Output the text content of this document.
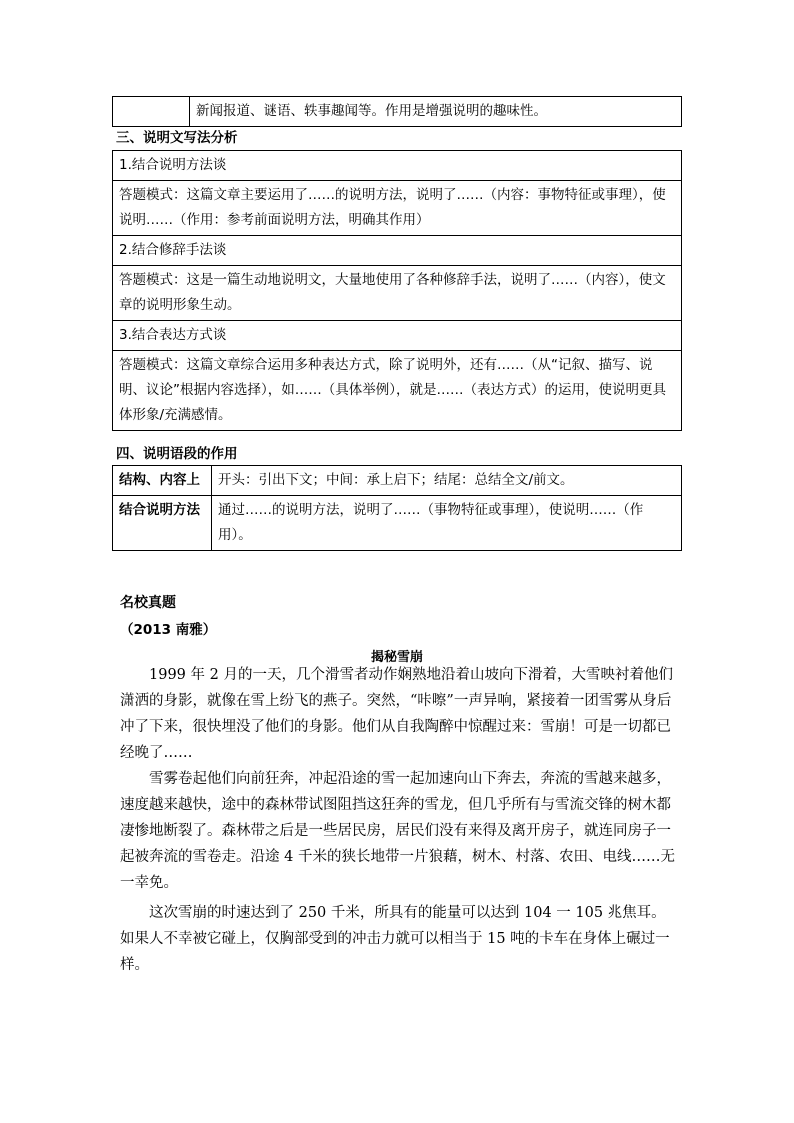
	新闻报道、谜语、轶事趣闻等。作用是增强说明的趣味性。
三、说明文写法分析
1.结合说明方法谈
答题模式：这篇文章主要运用了……的说明方法，说明了……（内容：事物特征或事理），使说明……（作用：参考前面说明方法，明确其作用）
2.结合修辞手法谈
答题模式：这是一篇生动地说明文，大量地使用了各种修辞手法，说明了……（内容），使文章的说明形象生动。
3.结合表达方式谈
答题模式：这篇文章综合运用多种表达方式，除了说明外，还有……（从“记叙、描写、说明、议论”根据内容选择），如……（具体举例），就是……（表达方式）的运用，使说明更具体形象/充满感情。
四、说明语段的作用
结构、内容上	开头：引出下文；中间：承上启下；结尾：总结全文/前文。
结合说明方法	通过……的说明方法，说明了……（事物特征或事理），使说明……（作用）。
名校真题
（2013 南雅）
揭秘雪崩

1999 年 2 月的一天，几个滑雪者动作娴熟地沿着山坡向下滑着，大雪映衬着他们潇洒的身影，就像在雪上纷飞的燕子。突然，“咔嚓”一声异响，紧接着一团雪雾从身后冲了下来，很快埋没了他们的身影。他们从自我陶醉中惊醒过来：雪崩！可是一切都已经晚了……

雪雾卷起他们向前狂奔，冲起沿途的雪一起加速向山下奔去，奔流的雪越来越多，速度越来越快，途中的森林带试图阻挡这狂奔的雪龙，但几乎所有与雪流交锋的树木都凄惨地断裂了。森林带之后是一些居民房，居民们没有来得及离开房子，就连同房子一起被奔流的雪卷走。沿途 4 千米的狭长地带一片狼藉，树木、村落、农田、电线……无一幸免。

这次雪崩的时速达到了 250 千米，所具有的能量可以达到 104 一 105 兆焦耳。如果人不幸被它碰上，仅胸部受到的冲击力就可以相当于 15 吨的卡车在身体上碾过一样。
